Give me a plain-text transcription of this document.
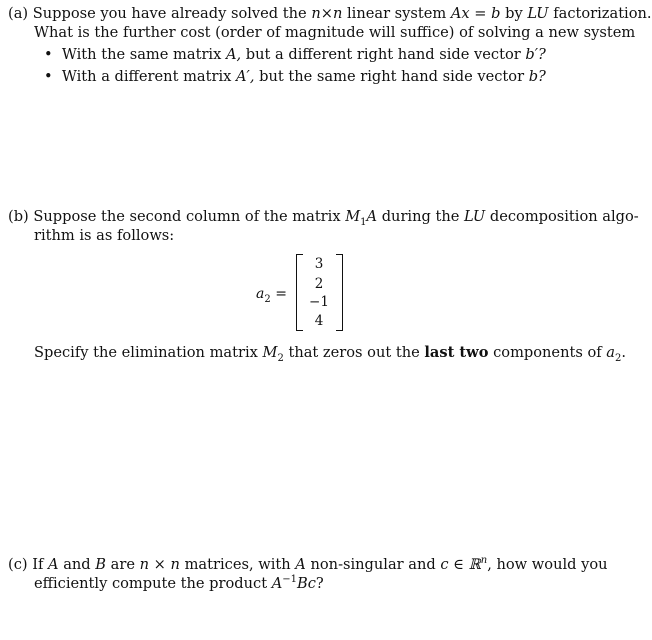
(a) Suppose you have already solved the n×n linear system Ax = b by LU factorization.
What is the further cost (order of magnitude will suffice) of solving a new system
• With the same matrix A, but a different right hand side vector b′?
• With a different matrix A′, but the same right hand side vector b?
(b) Suppose the second column of the matrix $M_1A$ during the LU decomposition algo-
rithm is as follows:
$a_2$ =
3
2
−1
4
Specify the elimination matrix $M_2$ that zeros out the last two components of $a_2$.
(c) If A and B are n × n matrices, with A non-singular and c ∈ ℝ$^n$, how would you
efficiently compute the product $A^{-1}Bc$?
